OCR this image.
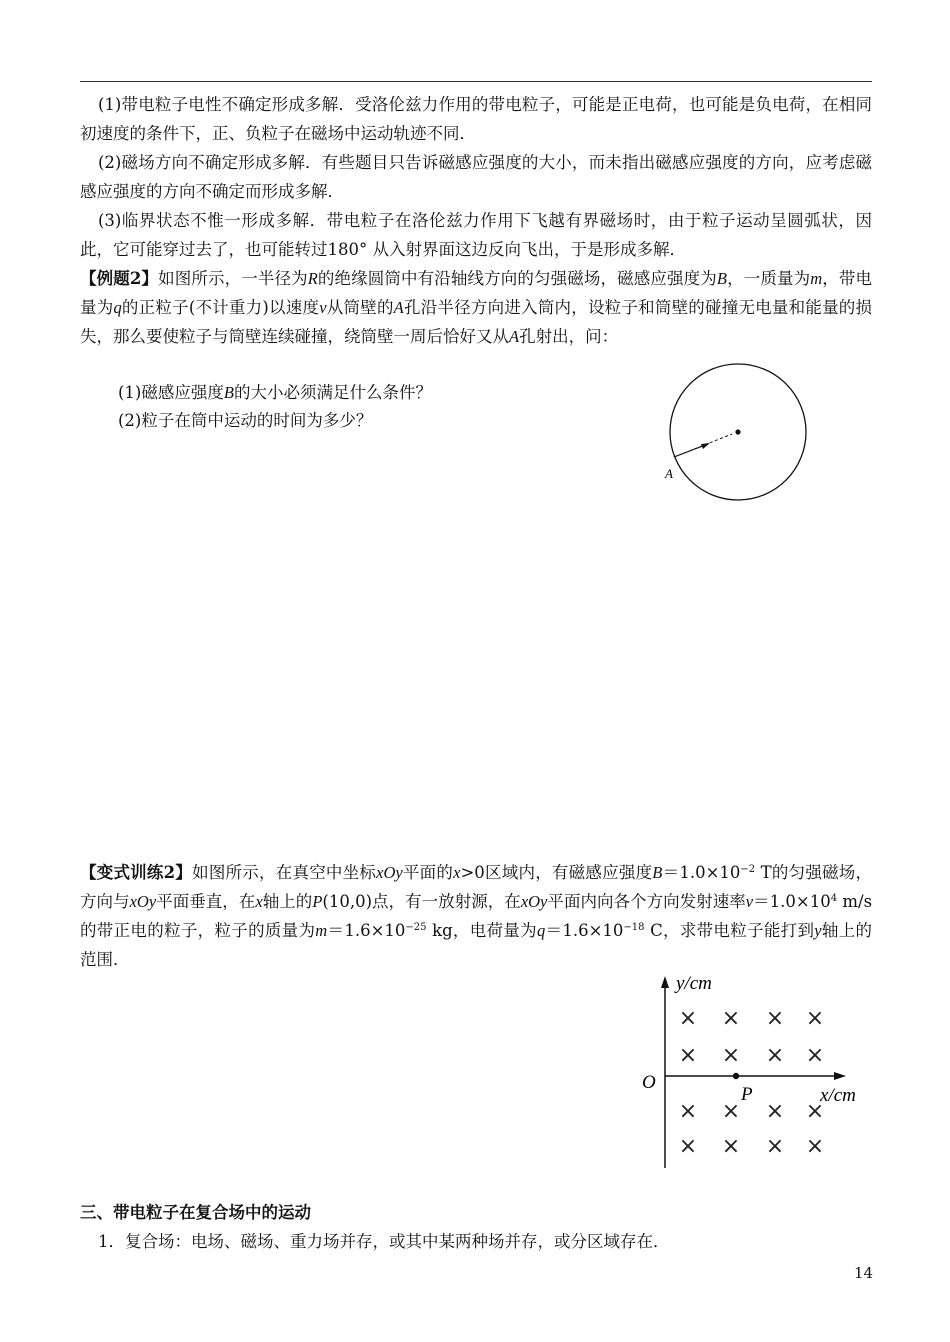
(1)带电粒子电性不确定形成多解．受洛伦兹力作用的带电粒子，可能是正电荷，也可能是负电荷，在相同初速度的条件下，正、负粒子在磁场中运动轨迹不同．
(2)磁场方向不确定形成多解．有些题目只告诉磁感应强度的大小，而未指出磁感应强度的方向，应考虑磁感应强度的方向不确定而形成多解．
(3)临界状态不惟一形成多解．带电粒子在洛伦兹力作用下飞越有界磁场时，由于粒子运动呈圆弧状，因此，它可能穿过去了，也可能转过180° 从入射界面这边反向飞出，于是形成多解．
【例题2】如图所示，一半径为R的绝缘圆筒中有沿轴线方向的匀强磁场，磁感应强度为B，一质量为m，带电量为q的正粒子(不计重力)以速度v从筒壁的A孔沿半径方向进入筒内，设粒子和筒壁的碰撞无电量和能量的损失，那么要使粒子与筒壁连续碰撞，绕筒壁一周后恰好又从A孔射出，问：
(1)磁感应强度B的大小必须满足什么条件？
(2)粒子在筒中运动的时间为多少？
A
【变式训练2】如图所示，在真空中坐标xOy平面的x>0区域内，有磁感应强度$B=1.0\times 10^{-2}$ T的匀强磁场，方向与xOy平面垂直，在x轴上的P(10,0)点，有一放射源，在xOy平面内向各个方向发射速率$v=1.0\times 10^4$ m/s的带正电的粒子，粒子的质量为$m=1.6\times 10^{-25}$ kg，电荷量为$q=1.6\times 10^{-18}$ C，求带电粒子能打到y轴上的范围．
y/cm
x/cm
O
P
× × × ×
× × × ×
× × × ×
× × × ×
三、带电粒子在复合场中的运动
1．复合场：电场、磁场、重力场并存，或其中某两种场并存，或分区域存在．
14
